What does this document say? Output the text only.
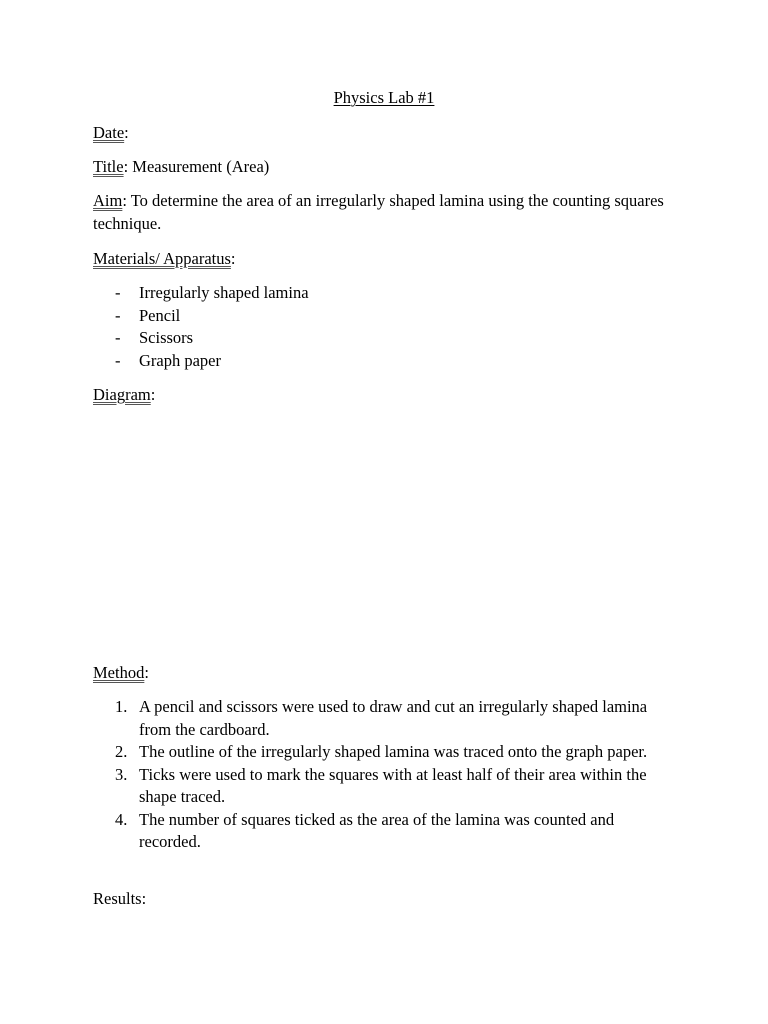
Physics Lab #1
Date:
Title: Measurement (Area)
Aim: To determine the area of an irregularly shaped lamina using the counting squares technique.
Materials/ Apparatus:
- Irregularly shaped lamina
- Pencil
- Scissors
- Graph paper
Diagram:
Method:
1. A pencil and scissors were used to draw and cut an irregularly shaped lamina from the cardboard.
2. The outline of the irregularly shaped lamina was traced onto the graph paper.
3. Ticks were used to mark the squares with at least half of their area within the shape traced.
4. The number of squares ticked as the area of the lamina was counted and recorded.
Results:
